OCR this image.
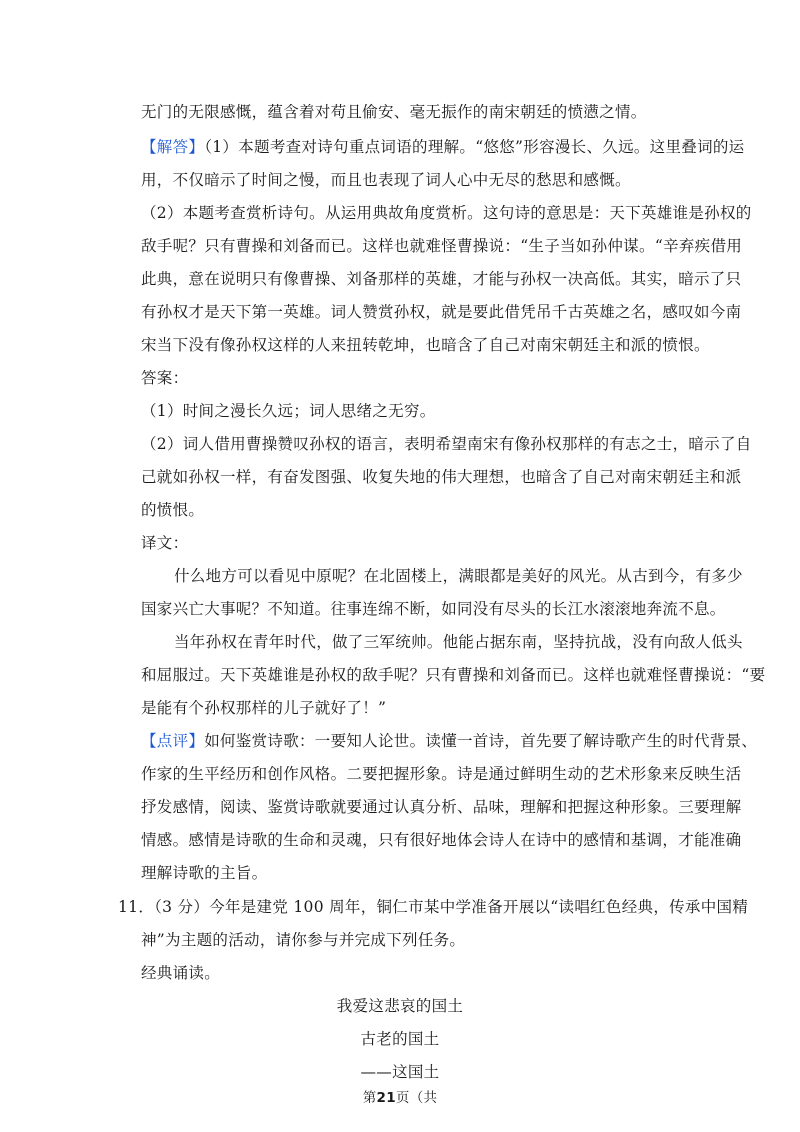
无门的无限感慨，蕴含着对苟且偷安、毫无振作的南宋朝廷的愤懑之情。
【解答】（1）本题考查对诗句重点词语的理解。“悠悠”形容漫长、久远。这里叠词的运
用，不仅暗示了时间之慢，而且也表现了词人心中无尽的愁思和感慨。
（2）本题考查赏析诗句。从运用典故角度赏析。这句诗的意思是：天下英雄谁是孙权的
敌手呢？只有曹操和刘备而已。这样也就难怪曹操说：“生子当如孙仲谋。“辛弃疾借用
此典，意在说明只有像曹操、刘备那样的英雄，才能与孙权一决高低。其实，暗示了只
有孙权才是天下第一英雄。词人赞赏孙权，就是要此借凭吊千古英雄之名，感叹如今南
宋当下没有像孙权这样的人来扭转乾坤，也暗含了自己对南宋朝廷主和派的愤恨。
答案：
（1）时间之漫长久远；词人思绪之无穷。
（2）词人借用曹操赞叹孙权的语言，表明希望南宋有像孙权那样的有志之士，暗示了自
己就如孙权一样，有奋发图强、收复失地的伟大理想，也暗含了自己对南宋朝廷主和派
的愤恨。
译文：
什么地方可以看见中原呢？在北固楼上，满眼都是美好的风光。从古到今，有多少
国家兴亡大事呢？不知道。往事连绵不断，如同没有尽头的长江水滚滚地奔流不息。
当年孙权在青年时代，做了三军统帅。他能占据东南，坚持抗战，没有向敌人低头
和屈服过。天下英雄谁是孙权的敌手呢？只有曹操和刘备而已。这样也就难怪曹操说：“要
是能有个孙权那样的儿子就好了！”
【点评】如何鉴赏诗歌：一要知人论世。读懂一首诗，首先要了解诗歌产生的时代背景、
作家的生平经历和创作风格。二要把握形象。诗是通过鲜明生动的艺术形象来反映生活
抒发感情，阅读、鉴赏诗歌就要通过认真分析、品味，理解和把握这种形象。三要理解
情感。感情是诗歌的生命和灵魂，只有很好地体会诗人在诗中的感情和基调，才能准确
理解诗歌的主旨。
11．（3 分）今年是建党 100 周年，铜仁市某中学准备开展以“读唱红色经典，传承中国精
神”为主题的活动，请你参与并完成下列任务。
经典诵读。
我爱这悲哀的国土
古老的国土
——这国土
第21页（共
